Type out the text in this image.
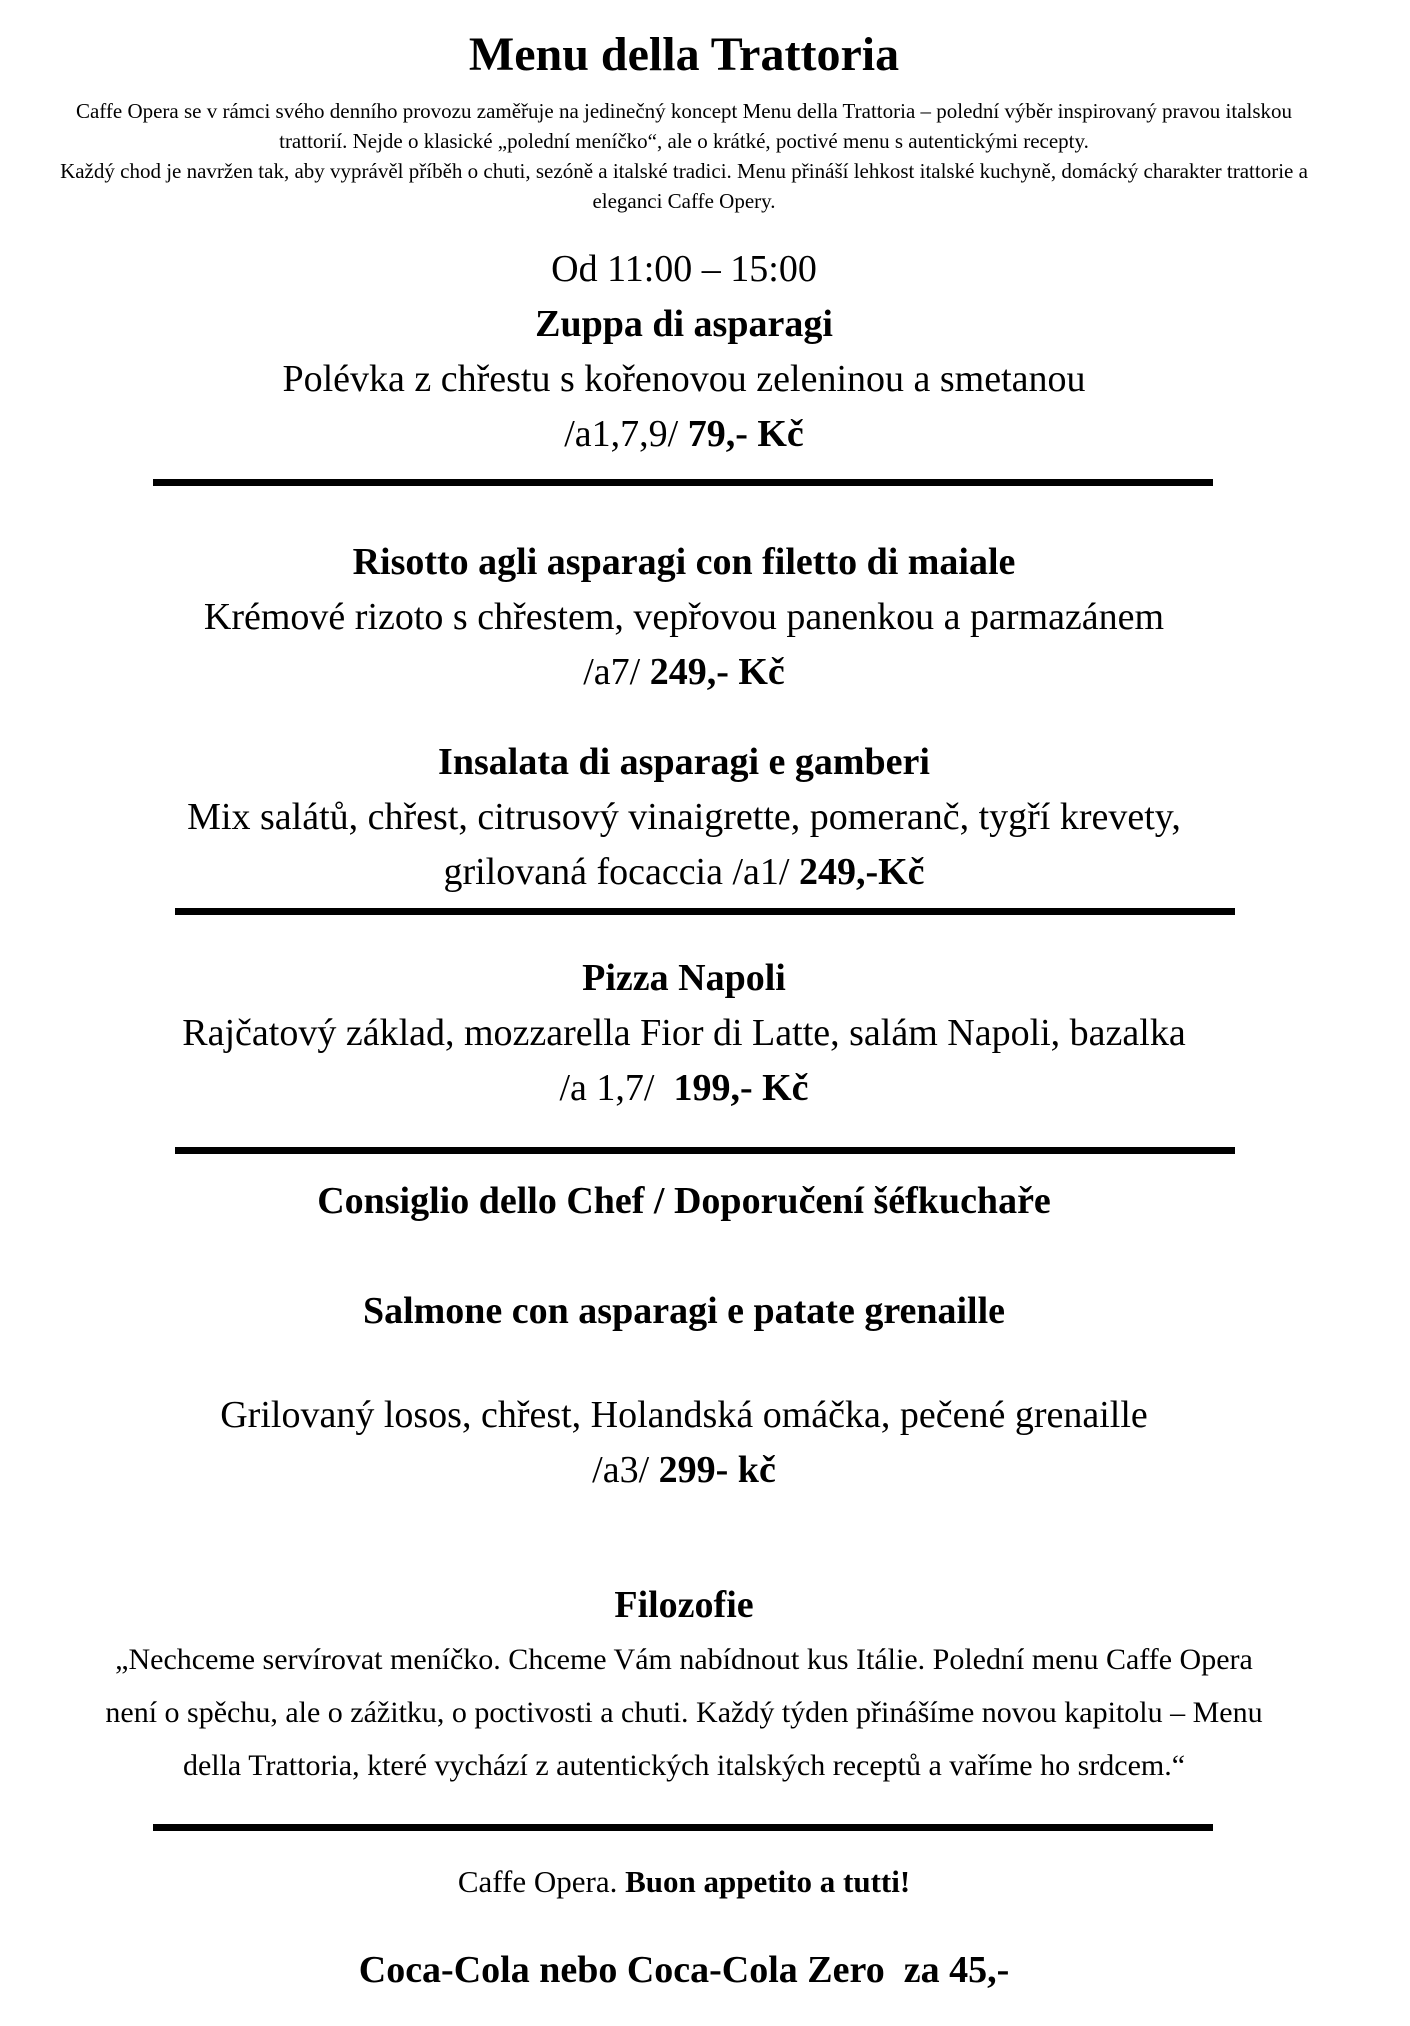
Menu della Trattoria

Caffe Opera se v rámci svého denního provozu zaměřuje na jedinečný koncept Menu della Trattoria – polední výběr inspirovaný pravou italskou

trattorií. Nejde o klasické „polední meníčko“, ale o krátké, poctivé menu s autentickými recepty.

Každý chod je navržen tak, aby vyprávěl příběh o chuti, sezóně a italské tradici. Menu přináší lehkost italské kuchyně, domácký charakter trattorie a

eleganci Caffe Opery.

Od 11:00 – 15:00

Zuppa di asparagi

Polévka z chřestu s kořenovou zeleninou a smetanou

/a1,7,9/ 79,- Kč

Risotto agli asparagi con filetto di maiale

Krémové rizoto s chřestem, vepřovou panenkou a parmazánem

/a7/ 249,- Kč

Insalata di asparagi e gamberi

Mix salátů, chřest, citrusový vinaigrette, pomeranč, tygří krevety,

grilovaná focaccia /a1/ 249,-Kč

Pizza Napoli

Rajčatový základ, mozzarella Fior di Latte, salám Napoli, bazalka

/a 1,7/  199,- Kč

Consiglio dello Chef / Doporučení šéfkuchaře

Salmone con asparagi e patate grenaille

Grilovaný losos, chřest, Holandská omáčka, pečené grenaille

/a3/ 299- kč

Filozofie

„Nechceme servírovat meníčko. Chceme Vám nabídnout kus Itálie. Polední menu Caffe Opera

není o spěchu, ale o zážitku, o poctivosti a chuti. Každý týden přinášíme novou kapitolu – Menu

della Trattoria, které vychází z autentických italských receptů a vaříme ho srdcem.“

Caffe Opera. Buon appetito a tutti!

Coca-Cola nebo Coca-Cola Zero  za 45,-
